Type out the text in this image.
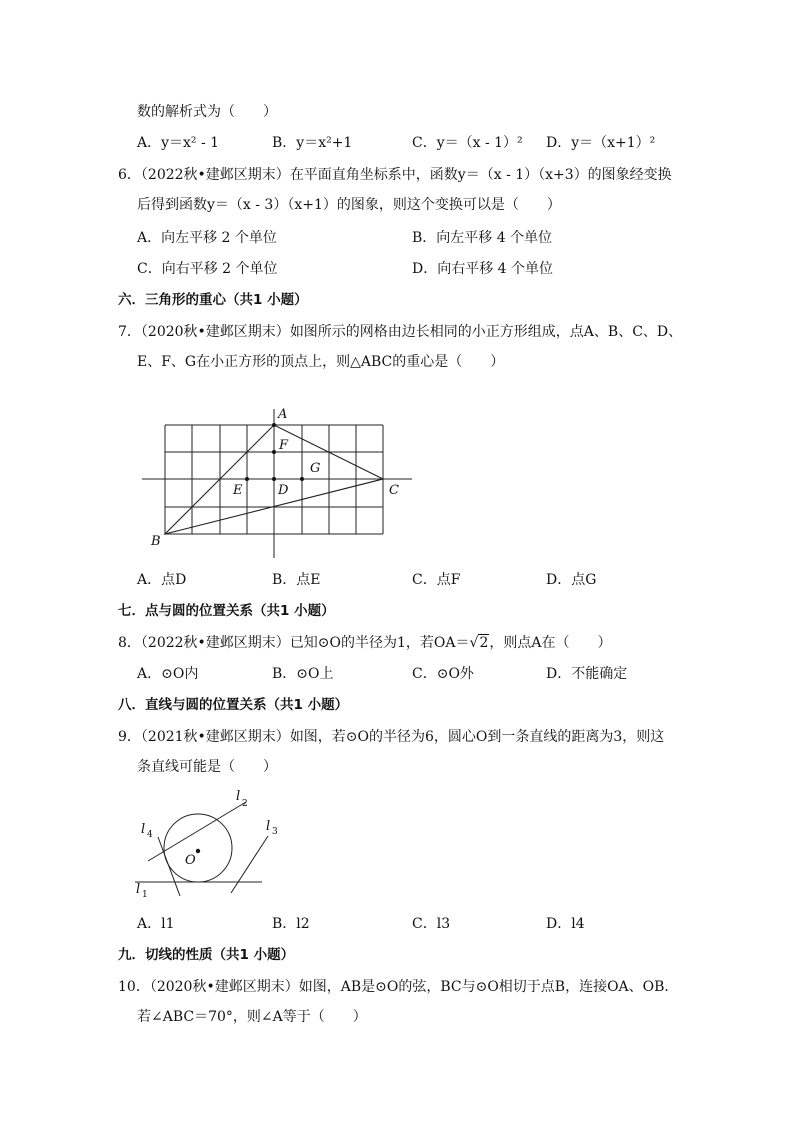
数的解析式为（　　）
A．y＝x² - 1	B．y＝x²+1	C．y＝（x - 1）² D．y＝（x+1）²
6．（2022秋•建邺区期末）在平面直角坐标系中，函数y＝（x - 1）（x+3）的图象经变换
后得到函数y＝（x - 3）（x+1）的图象，则这个变换可以是（　　）
A．向左平移 2 个单位	B．向左平移 4 个单位
C．向右平移 2 个单位	D．向右平移 4 个单位
六．三角形的重心（共1 小题）
7．（2020秋•建邺区期末）如图所示的网格由边长相同的小正方形组成，点A、B、C、D、
E、F、G在小正方形的顶点上，则△ABC的重心是（　　）
A
F
G
C
E	D
B
A．点D	B．点E	C．点F	D．点G
七．点与圆的位置关系（共1 小题）
8．（2022秋•建邺区期末）已知⊙O的半径为1，若OA＝√2，则点A在（　　）
A．⊙O内	B．⊙O上	C．⊙O外	D．不能确定
八．直线与圆的位置关系（共1 小题）
9．（2021秋•建邺区期末）如图，若⊙O的半径为6，圆心O到一条直线的距离为3，则这
条直线可能是（　　）
O
l 1
l 2
l 3
l 4
A．l1	B．l2	C．l3	D．l4
九．切线的性质（共1 小题）
10．（2020秋•建邺区期末）如图，AB是⊙O的弦，BC与⊙O相切于点B，连接OA、OB．
若∠ABC＝70°，则∠A等于（　　）
